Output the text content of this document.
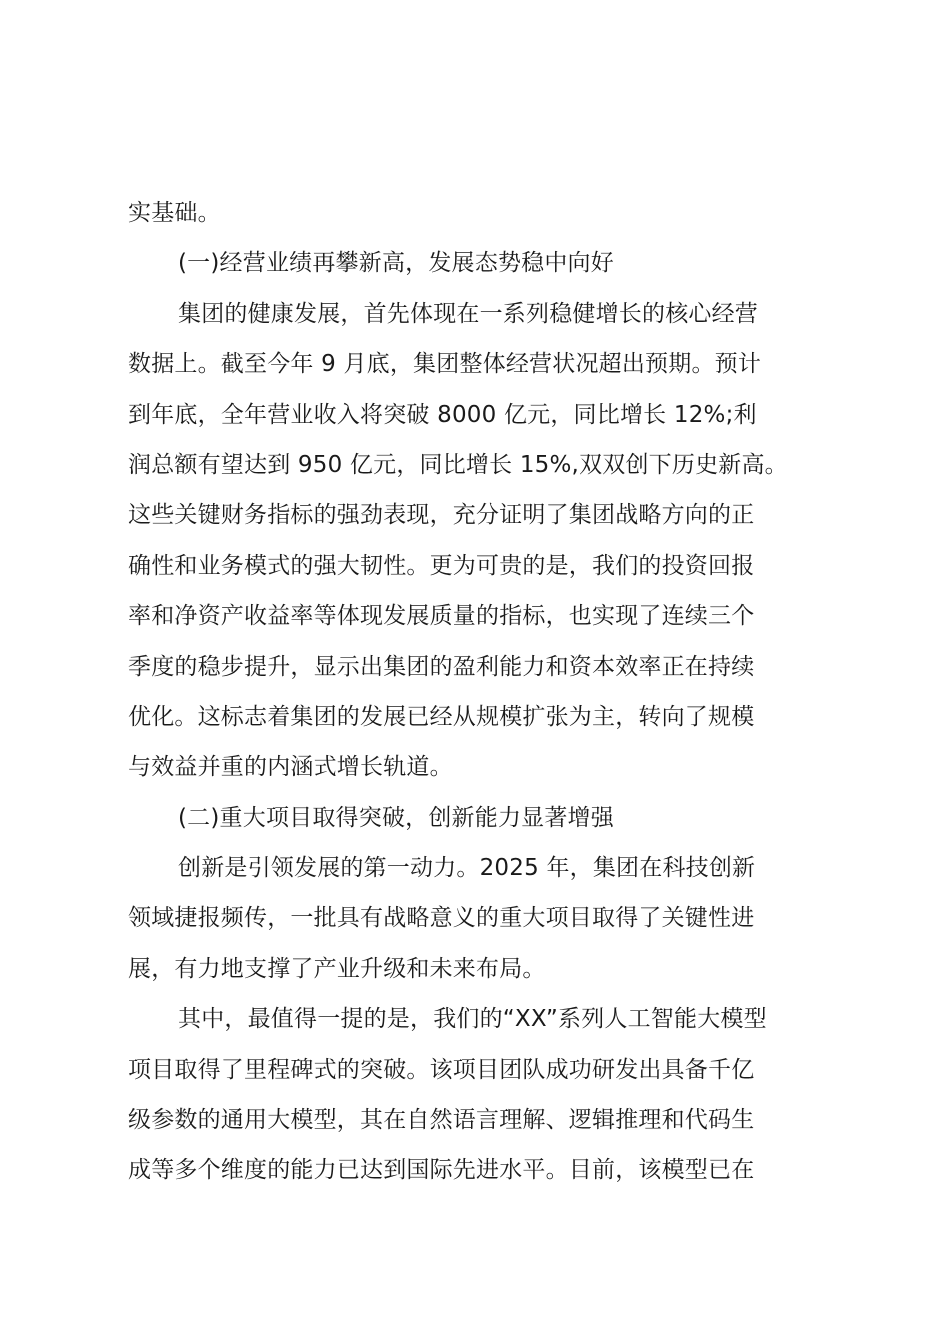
实基础。
(一)经营业绩再攀新高，发展态势稳中向好
集团的健康发展，首先体现在一系列稳健增长的核心经营
数据上。截至今年 9 月底，集团整体经营状况超出预期。预计
到年底，全年营业收入将突破 8000 亿元，同比增长 12%;利
润总额有望达到 950 亿元，同比增长 15%,双双创下历史新高。
这些关键财务指标的强劲表现，充分证明了集团战略方向的正
确性和业务模式的强大韧性。更为可贵的是，我们的投资回报
率和净资产收益率等体现发展质量的指标，也实现了连续三个
季度的稳步提升，显示出集团的盈利能力和资本效率正在持续
优化。这标志着集团的发展已经从规模扩张为主，转向了规模
与效益并重的内涵式增长轨道。
(二)重大项目取得突破，创新能力显著增强
创新是引领发展的第一动力。2025 年，集团在科技创新
领域捷报频传，一批具有战略意义的重大项目取得了关键性进
展，有力地支撑了产业升级和未来布局。
其中，最值得一提的是，我们的“XX”系列人工智能大模型
项目取得了里程碑式的突破。该项目团队成功研发出具备千亿
级参数的通用大模型，其在自然语言理解、逻辑推理和代码生
成等多个维度的能力已达到国际先进水平。目前，该模型已在
